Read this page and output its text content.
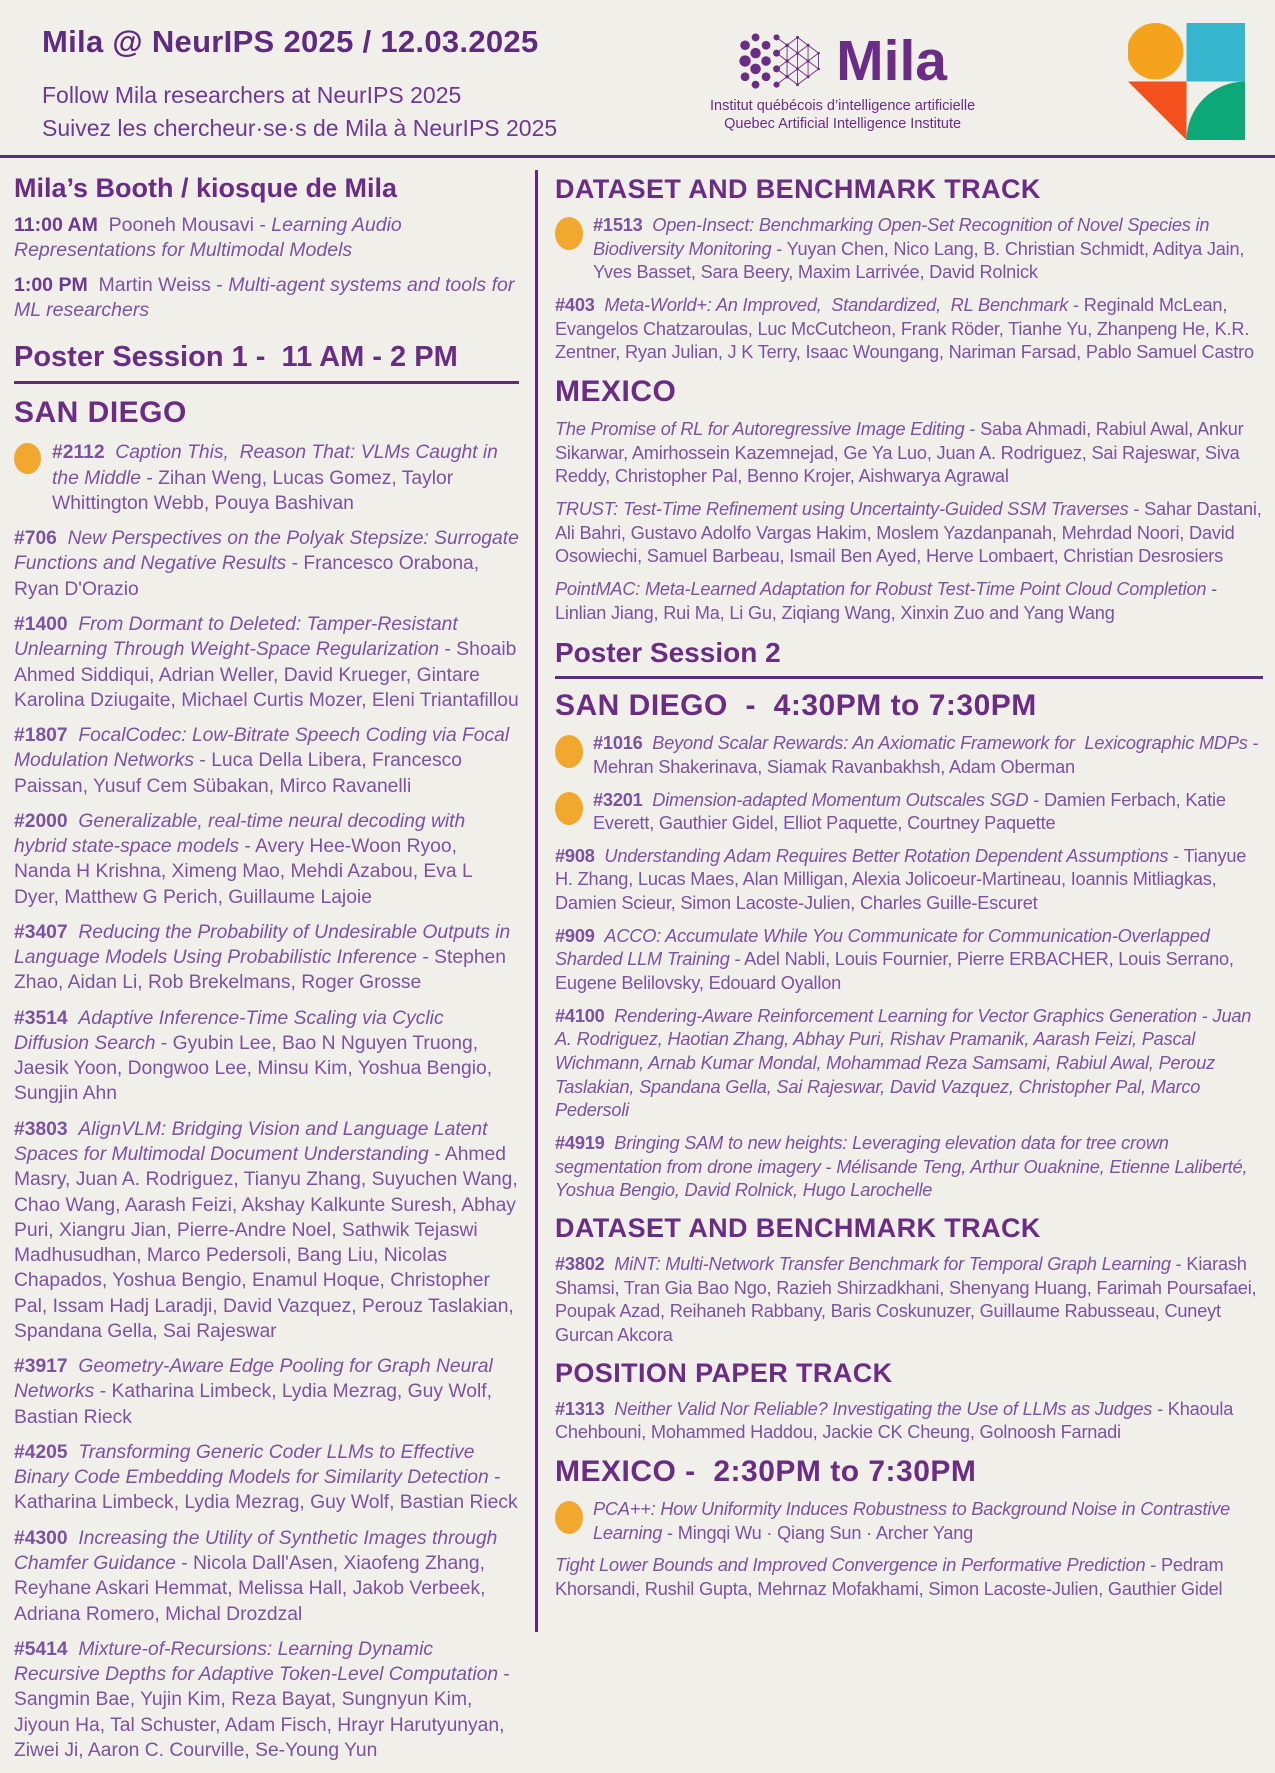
Mila @ NeurIPS 2025 / 12.03.2025

Follow Mila researchers at NeurIPS 2025

Suivez les chercheur·se·s de Mila à NeurIPS 2025

Mila

Institut québécois d’intelligence artificielle

Quebec Artificial Intelligence Institute

Mila’s Booth / kiosque de Mila

11:00 AM Pooneh Mousavi - Learning Audio Representations for Multimodal Models

1:00 PM Martin Weiss - Multi-agent systems and tools for ML researchers

Poster Session 1 -  11 AM - 2 PM
SAN DIEGO

#2112 Caption This,  Reason That: VLMs Caught in the Middle - Zihan Weng, Lucas Gomez, Taylor Whittington Webb, Pouya Bashivan

#706 New Perspectives on the Polyak Stepsize: Surrogate Functions and Negative Results - Francesco Orabona, Ryan D'Orazio

#1400 From Dormant to Deleted: Tamper-Resistant Unlearning Through Weight-Space Regularization - Shoaib Ahmed Siddiqui, Adrian Weller, David Krueger, Gintare Karolina Dziugaite, Michael Curtis Mozer, Eleni Triantafillou

#1807 FocalCodec: Low-Bitrate Speech Coding via Focal Modulation Networks - Luca Della Libera, Francesco Paissan, Yusuf Cem Sübakan, Mirco Ravanelli

#2000 Generalizable, real-time neural decoding with hybrid state-space models - Avery Hee-Woon Ryoo, Nanda H Krishna, Ximeng Mao, Mehdi Azabou, Eva L Dyer, Matthew G Perich, Guillaume Lajoie

#3407 Reducing the Probability of Undesirable Outputs in Language Models Using Probabilistic Inference - Stephen Zhao, Aidan Li, Rob Brekelmans, Roger Grosse

#3514 Adaptive Inference-Time Scaling via Cyclic Diffusion Search - Gyubin Lee, Bao N Nguyen Truong, Jaesik Yoon, Dongwoo Lee, Minsu Kim, Yoshua Bengio, Sungjin Ahn

#3803 AlignVLM: Bridging Vision and Language Latent Spaces for Multimodal Document Understanding - Ahmed Masry, Juan A. Rodriguez, Tianyu Zhang, Suyuchen Wang, Chao Wang, Aarash Feizi, Akshay Kalkunte Suresh, Abhay Puri, Xiangru Jian, Pierre-Andre Noel, Sathwik Tejaswi Madhusudhan, Marco Pedersoli, Bang Liu, Nicolas Chapados, Yoshua Bengio, Enamul Hoque, Christopher Pal, Issam Hadj Laradji, David Vazquez, Perouz Taslakian, Spandana Gella, Sai Rajeswar

#3917 Geometry-Aware Edge Pooling for Graph Neural Networks - Katharina Limbeck, Lydia Mezrag, Guy Wolf, Bastian Rieck

#4205 Transforming Generic Coder LLMs to Effective Binary Code Embedding Models for Similarity Detection - Katharina Limbeck, Lydia Mezrag, Guy Wolf, Bastian Rieck

#4300 Increasing the Utility of Synthetic Images through Chamfer Guidance - Nicola Dall'Asen, Xiaofeng Zhang, Reyhane Askari Hemmat, Melissa Hall, Jakob Verbeek, Adriana Romero, Michal Drozdzal

#5414 Mixture-of-Recursions: Learning Dynamic Recursive Depths for Adaptive Token-Level Computation - Sangmin Bae, Yujin Kim, Reza Bayat, Sungnyun Kim, Jiyoun Ha, Tal Schuster, Adam Fisch, Hrayr Harutyunyan, Ziwei Ji, Aaron C. Courville, Se-Young Yun

DATASET AND BENCHMARK TRACK

#1513 Open-Insect: Benchmarking Open-Set Recognition of Novel Species in Biodiversity Monitoring - Yuyan Chen, Nico Lang, B. Christian Schmidt, Aditya Jain, Yves Basset, Sara Beery, Maxim Larrivée, David Rolnick

#403 Meta-World+: An Improved,  Standardized,  RL Benchmark - Reginald McLean, Evangelos Chatzaroulas, Luc McCutcheon, Frank Röder, Tianhe Yu, Zhanpeng He, K.R. Zentner, Ryan Julian, J K Terry, Isaac Woungang, Nariman Farsad, Pablo Samuel Castro

MEXICO

The Promise of RL for Autoregressive Image Editing - Saba Ahmadi, Rabiul Awal, Ankur Sikarwar, Amirhossein Kazemnejad, Ge Ya Luo, Juan A. Rodriguez, Sai Rajeswar, Siva Reddy, Christopher Pal, Benno Krojer, Aishwarya Agrawal

TRUST: Test-Time Refinement using Uncertainty-Guided SSM Traverses - Sahar Dastani, Ali Bahri, Gustavo Adolfo Vargas Hakim, Moslem Yazdanpanah, Mehrdad Noori, David Osowiechi, Samuel Barbeau, Ismail Ben Ayed, Herve Lombaert, Christian Desrosiers

PointMAC: Meta-Learned Adaptation for Robust Test-Time Point Cloud Completion - Linlian Jiang, Rui Ma, Li Gu, Ziqiang Wang, Xinxin Zuo and Yang Wang

Poster Session 2
SAN DIEGO  -  4:30PM to 7:30PM

#1016 Beyond Scalar Rewards: An Axiomatic Framework for  Lexicographic MDPs - Mehran Shakerinava, Siamak Ravanbakhsh, Adam Oberman

#3201 Dimension-adapted Momentum Outscales SGD - Damien Ferbach, Katie Everett, Gauthier Gidel, Elliot Paquette, Courtney Paquette

#908 Understanding Adam Requires Better Rotation Dependent Assumptions - Tianyue H. Zhang, Lucas Maes, Alan Milligan, Alexia Jolicoeur-Martineau, Ioannis Mitliagkas, Damien Scieur, Simon Lacoste-Julien, Charles Guille-Escuret

#909 ACCO: Accumulate While You Communicate for Communication-Overlapped Sharded LLM Training - Adel Nabli, Louis Fournier, Pierre ERBACHER, Louis Serrano, Eugene Belilovsky, Edouard Oyallon

#4100 Rendering-Aware Reinforcement Learning for Vector Graphics Generation - Juan A. Rodriguez, Haotian Zhang, Abhay Puri, Rishav Pramanik, Aarash Feizi, Pascal Wichmann, Arnab Kumar Mondal, Mohammad Reza Samsami, Rabiul Awal, Perouz Taslakian, Spandana Gella, Sai Rajeswar, David Vazquez, Christopher Pal, Marco Pedersoli

#4919 Bringing SAM to new heights: Leveraging elevation data for tree crown segmentation from drone imagery - Mélisande Teng, Arthur Ouaknine, Etienne Laliberté, Yoshua Bengio, David Rolnick, Hugo Larochelle

DATASET AND BENCHMARK TRACK

#3802 MiNT: Multi-Network Transfer Benchmark for Temporal Graph Learning - Kiarash Shamsi, Tran Gia Bao Ngo, Razieh Shirzadkhani, Shenyang Huang, Farimah Poursafaei, Poupak Azad, Reihaneh Rabbany, Baris Coskunuzer, Guillaume Rabusseau, Cuneyt Gurcan Akcora

POSITION PAPER TRACK

#1313 Neither Valid Nor Reliable? Investigating the Use of LLMs as Judges - Khaoula Chehbouni, Mohammed Haddou, Jackie CK Cheung, Golnoosh Farnadi

MEXICO -  2:30PM to 7:30PM

PCA++: How Uniformity Induces Robustness to Background Noise in Contrastive Learning - Mingqi Wu · Qiang Sun · Archer Yang

Tight Lower Bounds and Improved Convergence in Performative Prediction - Pedram Khorsandi, Rushil Gupta, Mehrnaz Mofakhami, Simon Lacoste-Julien, Gauthier Gidel
